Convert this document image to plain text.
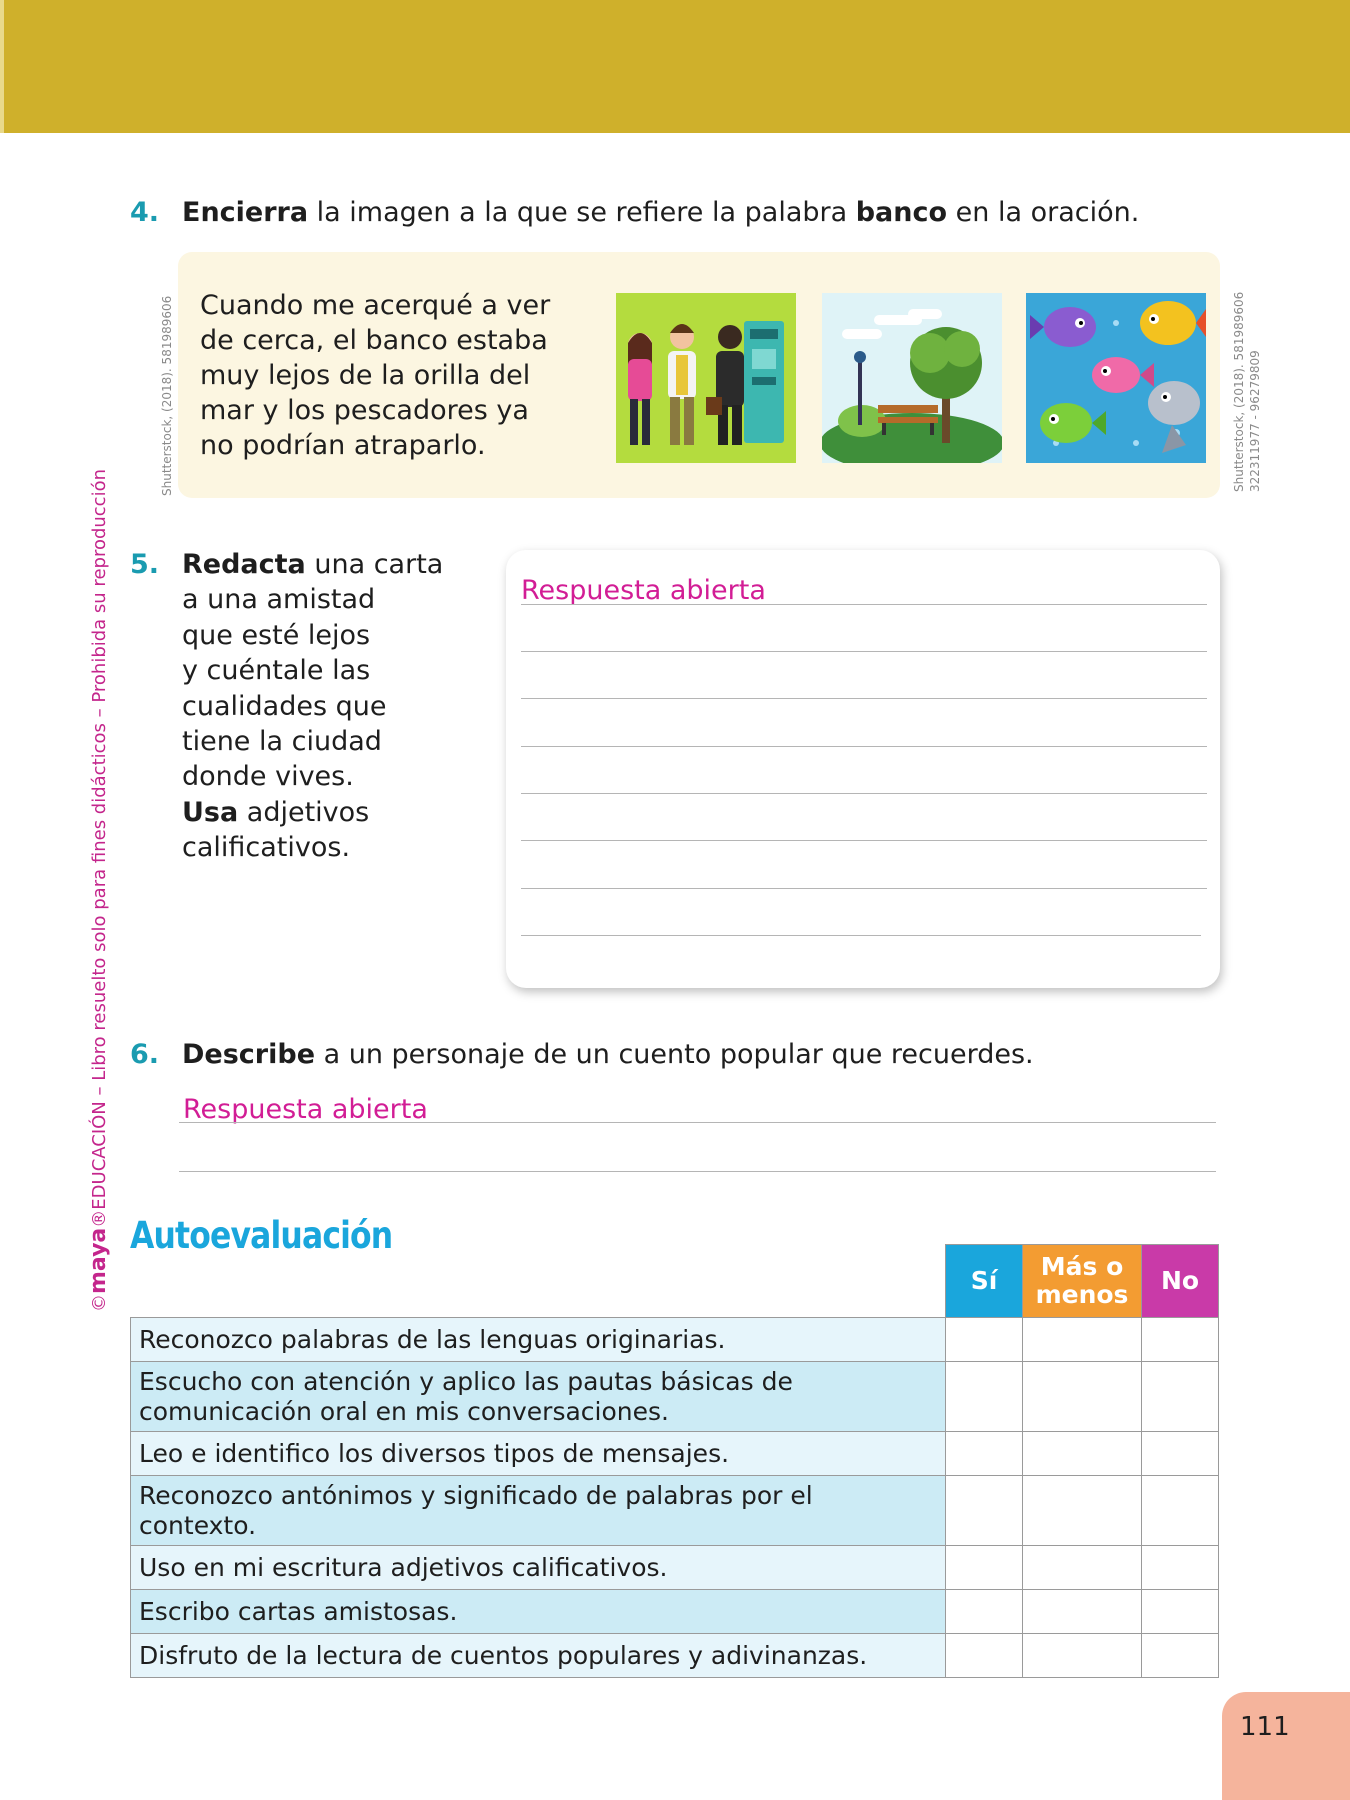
©maya®EDUCACIÓN – Libro resuelto solo para fines didácticos – Prohibida su reproducción
4. Encierra la imagen a la que se refiere la palabra banco en la oración.
Shutterstock, (2018). 581989606 Cuando me acerqué a ver
de cerca, el banco estaba
muy lejos de la orilla del
mar y los pescadores ya
no podrían atraparlo.	Shutterstock, (2018). 581989606 322311977 - 96279809
5. Redacta una carta
a una amistad
que esté lejos
y cuéntale las
cualidades que
tiene la ciudad
donde vives.
Usa adjetivos
calificativos.
Respuesta abierta
6. Describe a un personaje de un cuento popular que recuerdes.
Respuesta abierta
Autoevaluación
	Sí	Más o menos	No
Reconozco palabras de las lenguas originarias.			
Escucho con atención y aplico las pautas básicas de comunicación oral en mis conversaciones.			
Leo e identifico los diversos tipos de mensajes.			
Reconozco antónimos y significado de palabras por el contexto.			
Uso en mi escritura adjetivos calificativos.			
Escribo cartas amistosas.			
Disfruto de la lectura de cuentos populares y adivinanzas.			
111
